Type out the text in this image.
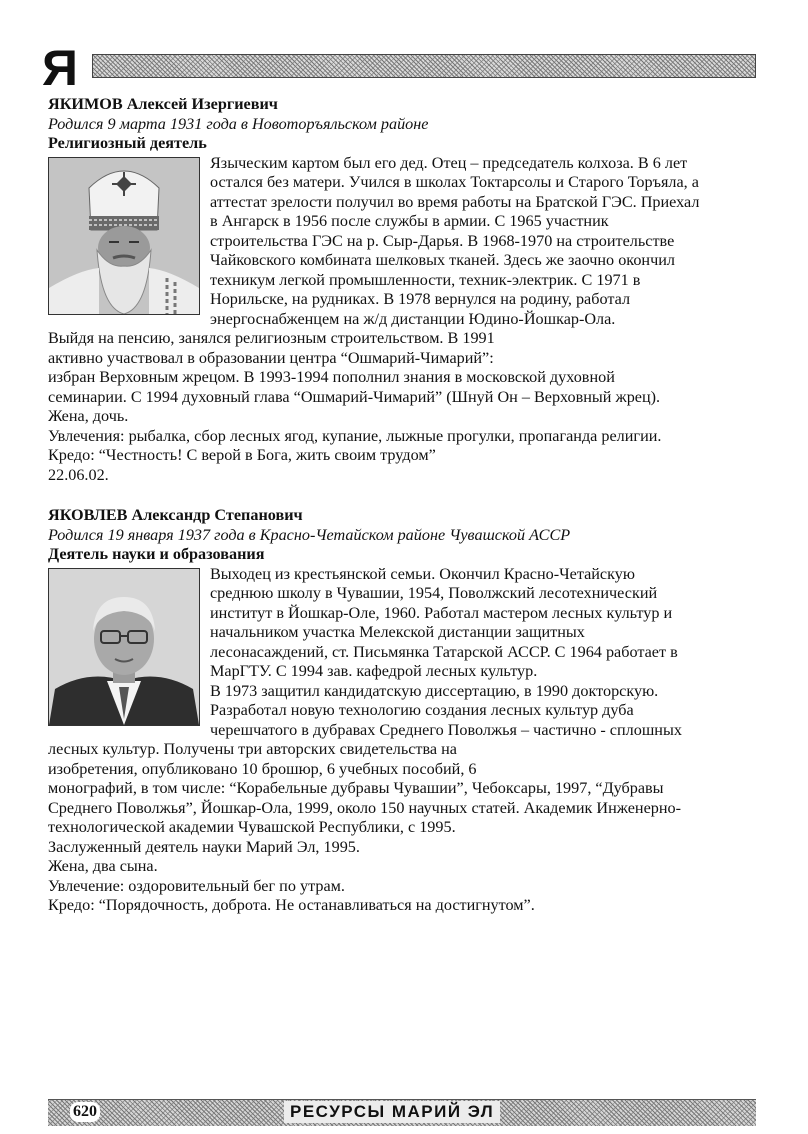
Я

ЯКИМОВ Алексей Изергиевич

Родился 9 марта 1931 года в Новоторъяльском районе

Религиозный деятель

Языческим картом был его дед. Отец – председатель колхоза. В 6 лет

остался без матери. Учился в школах Токтарсолы и Старого Торъяла, а

аттестат зрелости получил во время работы на Братской ГЭС. Приехал

в Ангарск в 1956 после службы в армии. С 1965 участник

строительства ГЭС на р. Сыр-Дарья. В 1968-1970 на строительстве

Чайковского комбината шелковых тканей. Здесь же заочно окончил

техникум легкой промышленности, техник-электрик. С 1971 в

Норильске, на рудниках. В 1978 вернулся на родину, работал

энергоснабженцем на ж/д дистанции Юдино-Йошкар-Ола.

Выйдя на пенсию, занялся религиозным строительством. В 1991

активно участвовал в образовании центра “Ошмарий-Чимарий”:

избран Верховным жрецом. В 1993-1994 пополнил знания в московской духовной

семинарии. С 1994 духовный глава “Ошмарий-Чимарий” (Шнуй Он – Верховный жрец).

Жена, дочь.

Увлечения: рыбалка, сбор лесных ягод, купание, лыжные прогулки, пропаганда религии.

Кредо: “Честность! С верой в Бога, жить своим трудом”

22.06.02.

ЯКОВЛЕВ Александр Степанович

Родился 19 января 1937 года в Красно-Четайском районе Чувашской АССР

Деятель науки и образования

Выходец из крестьянской семьи. Окончил Красно-Четайскую

среднюю школу в Чувашии, 1954, Поволжский лесотехнический

институт в Йошкар-Оле, 1960. Работал мастером лесных культур и

начальником участка Мелекской дистанции защитных

лесонасаждений, ст. Письмянка Татарской АССР. С 1964 работает в

МарГТУ. С 1994 зав. кафедрой лесных культур.

В 1973 защитил кандидатскую диссертацию, в 1990 докторскую.

Разработал новую технологию создания лесных культур дуба

черешчатого в дубравах Среднего Поволжья – частично - сплошных

лесных культур. Получены три авторских свидетельства на

изобретения, опубликовано 10 брошюр, 6 учебных пособий, 6

монографий, в том числе: “Корабельные дубравы Чувашии”, Чебоксары, 1997, “Дубравы

Среднего Поволжья”, Йошкар-Ола, 1999, около 150 научных статей. Академик Инженерно-

технологической академии Чувашской Республики, с 1995.

Заслуженный деятель науки Марий Эл, 1995.

Жена, два сына.

Увлечение: оздоровительный бег по утрам.

Кредо: “Порядочность, доброта. Не останавливаться на достигнутом”.

620	РЕСУРСЫ МАРИЙ ЭЛ
